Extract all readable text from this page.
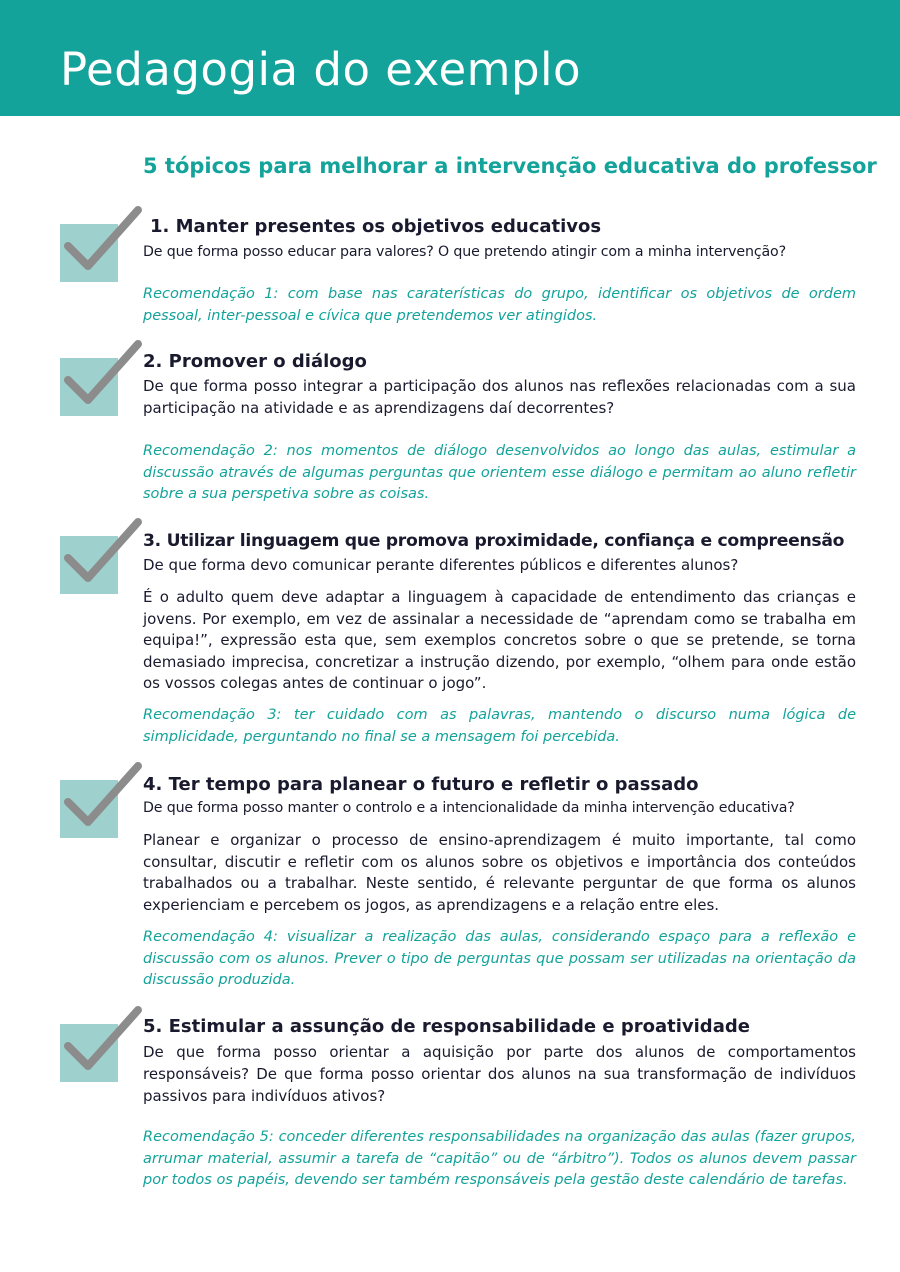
Pedagogia do exemplo
5 tópicos para melhorar a intervenção educativa do professor
1. Manter presentes os objetivos educativos

De que forma posso educar para valores? O que pretendo atingir com a minha intervenção?

Recomendação 1: com base nas caraterísticas do grupo, identificar os objetivos de ordem pessoal, inter-pessoal e cívica que pretendemos ver atingidos.

2. Promover o diálogo

De que forma posso integrar a participação dos alunos nas reflexões relacionadas com a sua participação na atividade e as aprendizagens daí decorrentes?

Recomendação 2: nos momentos de diálogo desenvolvidos ao longo das aulas, estimular a discussão através de algumas perguntas que orientem esse diálogo e permitam ao aluno refletir sobre a sua perspetiva sobre as coisas.

3. Utilizar linguagem que promova proximidade, confiança e compreensão

De que forma devo comunicar perante diferentes públicos e diferentes alunos?

É o adulto quem deve adaptar a linguagem à capacidade de entendimento das crianças e jovens. Por exemplo, em vez de assinalar a necessidade de “aprendam como se trabalha em equipa!”, expressão esta que, sem exemplos concretos sobre o que se pretende, se torna demasiado imprecisa, concretizar a instrução dizendo, por exemplo, “olhem para onde estão os vossos colegas antes de continuar o jogo”.

Recomendação 3: ter cuidado com as palavras, mantendo o discurso numa lógica de simplicidade, perguntando no final se a mensagem foi percebida.

4. Ter tempo para planear o futuro e refletir o passado

De que forma posso manter o controlo e a intencionalidade da minha intervenção educativa?

Planear e organizar o processo de ensino-aprendizagem é muito importante, tal como consultar, discutir e refletir com os alunos sobre os objetivos e importância dos conteúdos trabalhados ou a trabalhar. Neste sentido, é relevante perguntar de que forma os alunos experienciam e percebem os jogos, as aprendizagens e a relação entre eles.

Recomendação 4: visualizar a realização das aulas, considerando espaço para a reflexão e discussão com os alunos. Prever o tipo de perguntas que possam ser utilizadas na orientação da discussão produzida.

5. Estimular a assunção de responsabilidade e proatividade

De que forma posso orientar a aquisição por parte dos alunos de comportamentos responsáveis? De que forma posso orientar dos alunos na sua transformação de indivíduos passivos para indivíduos ativos?

Recomendação 5: conceder diferentes responsabilidades na organização das aulas (fazer grupos, arrumar material, assumir a tarefa de “capitão” ou de “árbitro”). Todos os alunos devem passar por todos os papéis, devendo ser também responsáveis pela gestão deste calendário de tarefas.
